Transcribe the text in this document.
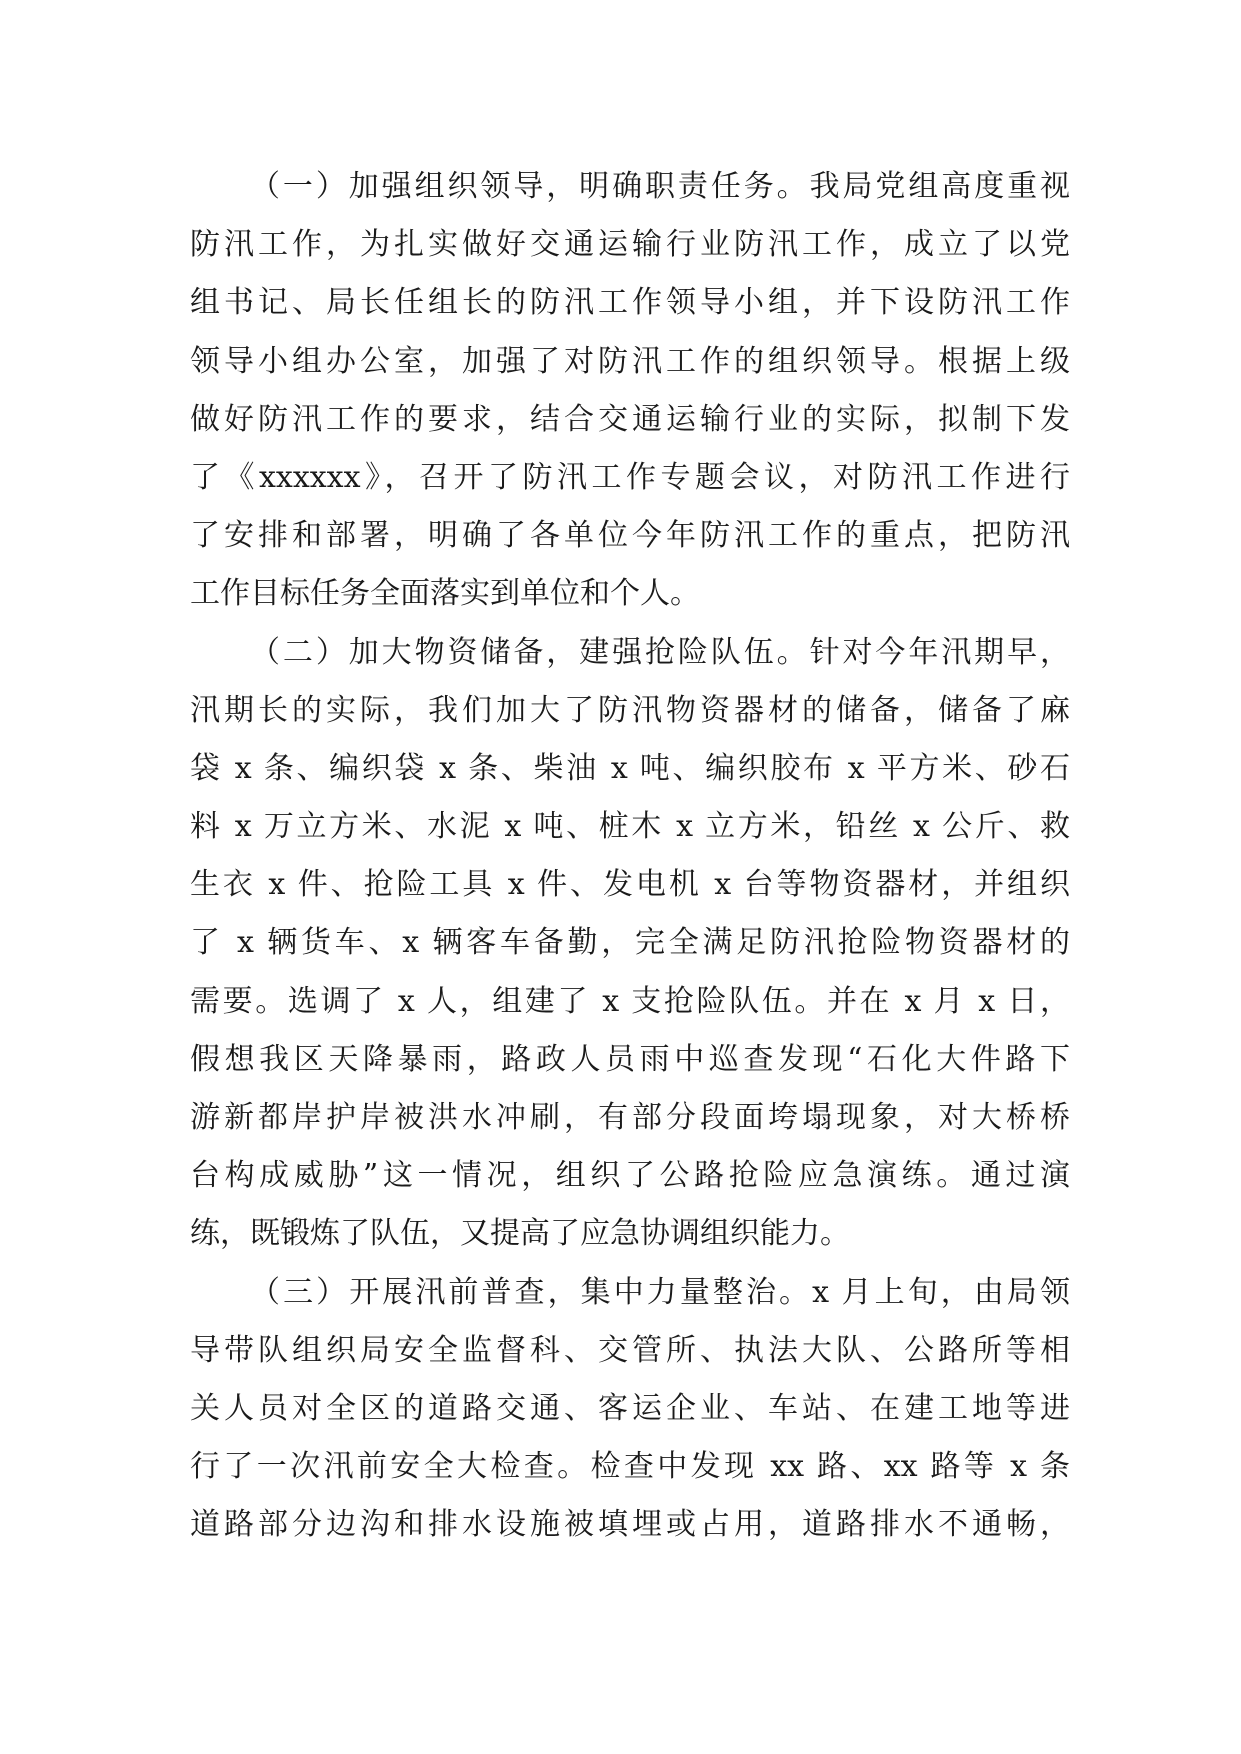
（一）加强组织领导，明确职责任务。我局党组高度重视
防汛工作，为扎实做好交通运输行业防汛工作，成立了以党
组书记、局长任组长的防汛工作领导小组，并下设防汛工作
领导小组办公室，加强了对防汛工作的组织领导。根据上级
做好防汛工作的要求，结合交通运输行业的实际，拟制下发
了《xxxxxx》，召开了防汛工作专题会议，对防汛工作进行
了安排和部署，明确了各单位今年防汛工作的重点，把防汛
工作目标任务全面落实到单位和个人。
（二）加大物资储备，建强抢险队伍。针对今年汛期早，
汛期长的实际，我们加大了防汛物资器材的储备，储备了麻
袋 x 条、编织袋 x 条、柴油 x 吨、编织胶布 x 平方米、砂石
料 x 万立方米、水泥 x 吨、桩木 x 立方米，铅丝 x 公斤、救
生衣 x 件、抢险工具 x 件、发电机 x 台等物资器材，并组织
了 x 辆货车、x 辆客车备勤，完全满足防汛抢险物资器材的
需要。选调了 x 人，组建了 x 支抢险队伍。并在 x 月 x 日，
假想我区天降暴雨，路政人员雨中巡查发现“石化大件路下
游新都岸护岸被洪水冲刷，有部分段面垮塌现象，对大桥桥
台构成威胁”这一情况，组织了公路抢险应急演练。通过演
练，既锻炼了队伍，又提高了应急协调组织能力。
（三）开展汛前普查，集中力量整治。x 月上旬，由局领
导带队组织局安全监督科、交管所、执法大队、公路所等相
关人员对全区的道路交通、客运企业、车站、在建工地等进
行了一次汛前安全大检查。检查中发现 xx 路、xx 路等 x 条
道路部分边沟和排水设施被填埋或占用，道路排水不通畅，
